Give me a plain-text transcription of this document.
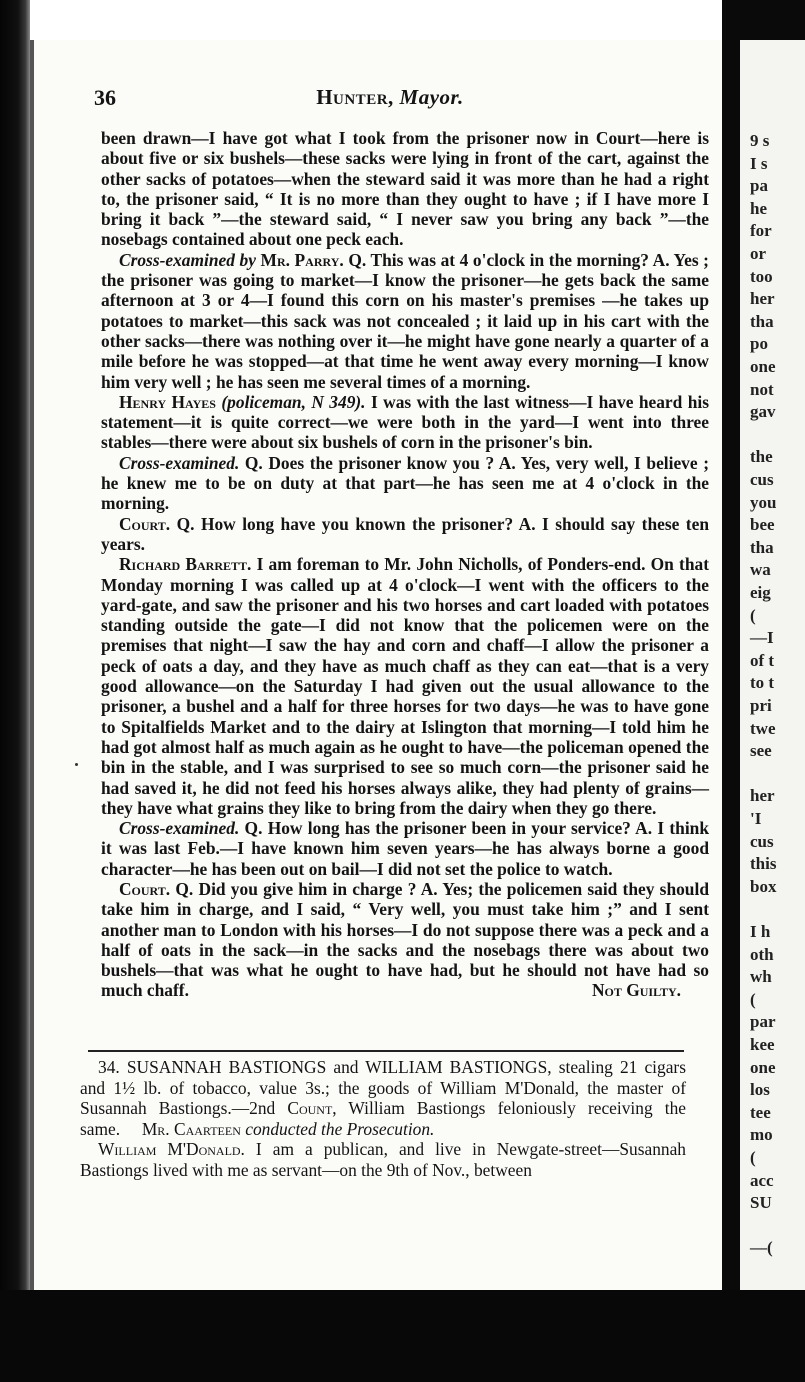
9 s
I s
pa
he
for
or
too
her
tha
po
one
not
gav
the
cus
you
bee
tha
wa
eig
(
—I
of t
to t
pri
twe
see
her
'I
cus
this
box
I h
oth
wh
(
par
kee
one
los
tee
mo
(
acc
SU
—(
36	Hunter, Mayor.

been drawn—I have got what I took from the prisoner now in Court—here is about five or six bushels—these sacks were lying in front of the cart, against the other sacks of potatoes—when the steward said it was more than he had a right to, the prisoner said, “ It is no more than they ought to have ; if I have more I bring it back ”—the steward said, “ I never saw you bring any back ”—the nosebags contained about one peck each.

Cross-examined by Mr. Parry. Q. This was at 4 o'clock in the morning? A. Yes ; the prisoner was going to market—I know the prisoner—he gets back the same afternoon at 3 or 4—I found this corn on his master's premises —he takes up potatoes to market—this sack was not concealed ; it laid up in his cart with the other sacks—there was nothing over it—he might have gone nearly a quarter of a mile before he was stopped—at that time he went away every morning—I know him very well ; he has seen me several times of a morning.

Henry Hayes (policeman, N 349). I was with the last witness—I have heard his statement—it is quite correct—we were both in the yard—I went into three stables—there were about six bushels of corn in the prisoner's bin.

Cross-examined. Q. Does the prisoner know you ? A. Yes, very well, I believe ; he knew me to be on duty at that part—he has seen me at 4 o'clock in the morning.

Court. Q. How long have you known the prisoner? A. I should say these ten years.

Richard Barrett. I am foreman to Mr. John Nicholls, of Ponders-end. On that Monday morning I was called up at 4 o'clock—I went with the officers to the yard-gate, and saw the prisoner and his two horses and cart loaded with potatoes standing outside the gate—I did not know that the policemen were on the premises that night—I saw the hay and corn and chaff—I allow the prisoner a peck of oats a day, and they have as much chaff as they can eat—that is a very good allowance—on the Saturday I had given out the usual allowance to the prisoner, a bushel and a half for three horses for two days—he was to have gone to Spitalfields Market and to the dairy at Islington that morning—I told him he had got almost half as much again as he ought to have—the policeman opened the bin in the stable, and I was surprised to see so much corn—the prisoner said he had saved it, he did not feed his horses always alike, they had plenty of grains—they have what grains they like to bring from the dairy when they go there.

Cross-examined. Q. How long has the prisoner been in your service? A. I think it was last Feb.—I have known him seven years—he has always borne a good character—he has been out on bail—I did not set the police to watch.

Court. Q. Did you give him in charge ? A. Yes; the policemen said they should take him in charge, and I said, “ Very well, you must take him ;” and I sent another man to London with his horses—I do not suppose there was a peck and a half of oats in the sack—in the sacks and the nosebags there was about two bushels—that was what he ought to have had, but he should not have had so much chaff.	Not Guilty.

34. SUSANNAH BASTIONGS and WILLIAM BASTIONGS, stealing 21 cigars and 1½ lb. of tobacco, value 3s.; the goods of William M'Donald, the master of Susannah Bastiongs.—2nd Count, William Bastiongs feloniously receiving the same. Mr. Caarteen conducted the Prosecution.

William M'Donald. I am a publican, and live in Newgate-street—Susannah Bastiongs lived with me as servant—on the 9th of Nov., between
